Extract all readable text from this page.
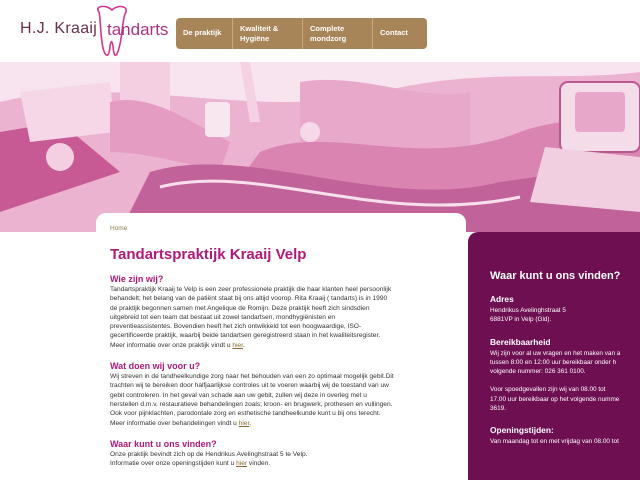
H.J. Kraaij tandarts De praktijk	Kwaliteit &
Hygiëne
Complete
mondzorg
Contact
Home
Tandartspraktijk Kraaij Velp
Wie zijn wij?
Tandartspraktijk Kraaij te Velp is een zeer professionele praktijk die haar klanten heel persoonlijk
behandelt; het belang van de patiënt staat bij ons altijd voorop. Rita Kraaij ( tandarts) is in 1990
de praktijk begonnen samen met Angelique de Romijn. Deze praktijk heeft zich sindsdien
uitgebreid tot een team dat bestaat uit zowel tandartsen, mondhygiënisten en
preventieassistentes. Bovendien heeft het zich ontwikkeld tot een hoogwaardige, ISO-
gecertificeerde praktijk, waarbij beide tandartsen geregistreerd staan in het kwaliteitsregister.
Meer informatie over onze praktijk vindt u hier.
Wat doen wij voor u?
Wij streven in de tandheelkundige zorg naar het behouden van een zo optimaal mogelijk gebit.Dit
trachten wij te bereiken door halfjaarlijkse controles uit te voeren waarbij wij de toestand van uw
gebit controleren. In het geval van schade aan uw gebit, zullen wij deze in overleg met u
herstellen d.m.v. restauratieve behandelingen zoals; kroon- en brugwerk, prothesen en vullingen.
Ook voor pijnklachten, parodontale zorg en esthetische tandheelkunde kunt u bij ons terecht.
Meer informatie over behandelingen vindt u hier.
Waar kunt u ons vinden?
Onze praktijk bevindt zich op de Hendrikus Avelinghstraat 5 te Velp.
Informatie over onze openingstijden kunt u hier vinden.
Waar kunt u ons vinden?
Adres
Hendrikus Avelinghstraat 5
6881VP in Velp (Gld).
Bereikbaarheid
Wij zijn voor al uw vragen en het maken van a
tussen 8:00 en 12:00 uur bereikbaar onder h
volgende nummer: 026 361 0100.
Voor spoedgevallen zijn wij van 08.00 tot
17.00 uur bereikbaar op het volgende numme
3619.
Openingstijden:
Van maandag tot en met vrijdag van 08.00 tot
